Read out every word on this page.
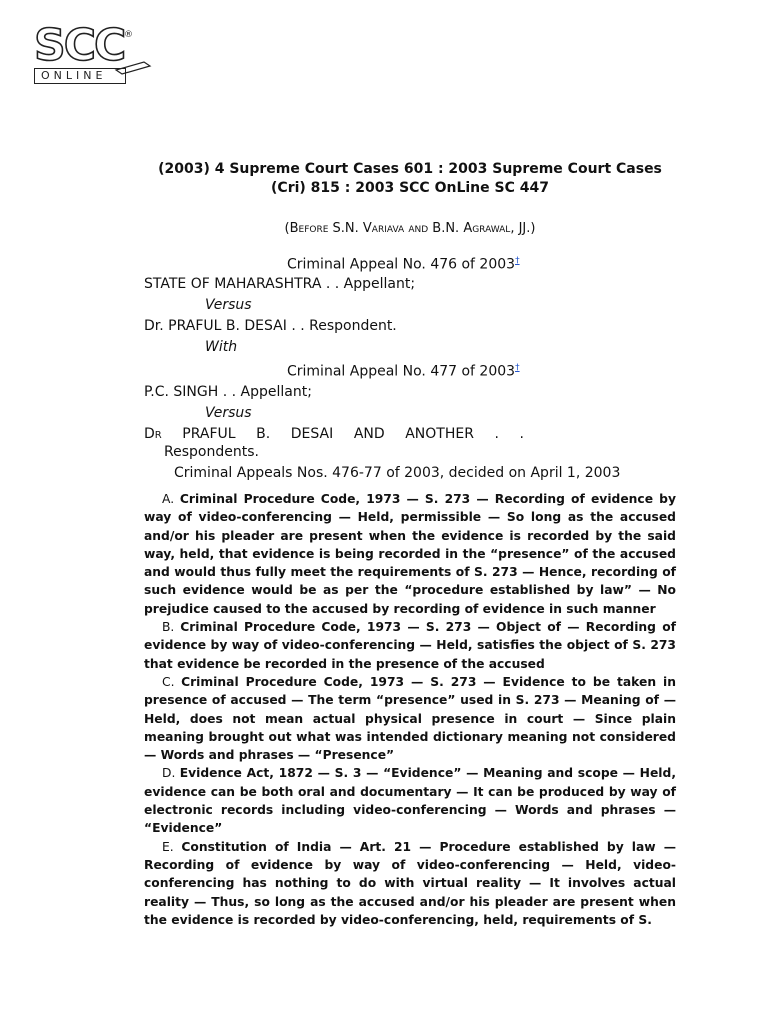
SCC ®
ONLINE
(2003) 4 Supreme Court Cases 601 : 2003 Supreme Court Cases
(Cri) 815 : 2003 SCC OnLine SC 447
(Before S.N. Variava and B.N. Agrawal, JJ.)
Criminal Appeal No. 476 of 2003†
STATE OF MAHARASHTRA . . Appellant;
Versus
Dr. PRAFUL B. DESAI . . Respondent.
With
Criminal Appeal No. 477 of 2003†
P.C. SINGH . . Appellant;
Versus
Dr PRAFUL B. DESAI AND ANOTHER . .
Respondents.
Criminal Appeals Nos. 476-77 of 2003, decided on April 1, 2003

A. Criminal Procedure Code, 1973 — S. 273 — Recording of evidence by way of video-conferencing — Held, permissible — So long as the accused and/or his pleader are present when the evidence is recorded by the said way, held, that evidence is being recorded in the “presence” of the accused and would thus fully meet the requirements of S. 273 — Hence, recording of such evidence would be as per the “procedure established by law” — No prejudice caused to the accused by recording of evidence in such manner

B. Criminal Procedure Code, 1973 — S. 273 — Object of — Recording of evidence by way of video-conferencing — Held, satisfies the object of S. 273 that evidence be recorded in the presence of the accused

C. Criminal Procedure Code, 1973 — S. 273 — Evidence to be taken in presence of accused — The term “presence” used in S. 273 — Meaning of — Held, does not mean actual physical presence in court — Since plain meaning brought out what was intended dictionary meaning not considered — Words and phrases — “Presence”

D. Evidence Act, 1872 — S. 3 — “Evidence” — Meaning and scope — Held, evidence can be both oral and documentary — It can be produced by way of electronic records including video-conferencing — Words and phrases — “Evidence”

E. Constitution of India — Art. 21 — Procedure established by law — Recording of evidence by way of video-conferencing — Held, video-conferencing has nothing to do with virtual reality — It involves actual reality — Thus, so long as the accused and/or his pleader are present when the evidence is recorded by video-conferencing, held, requirements of S.
